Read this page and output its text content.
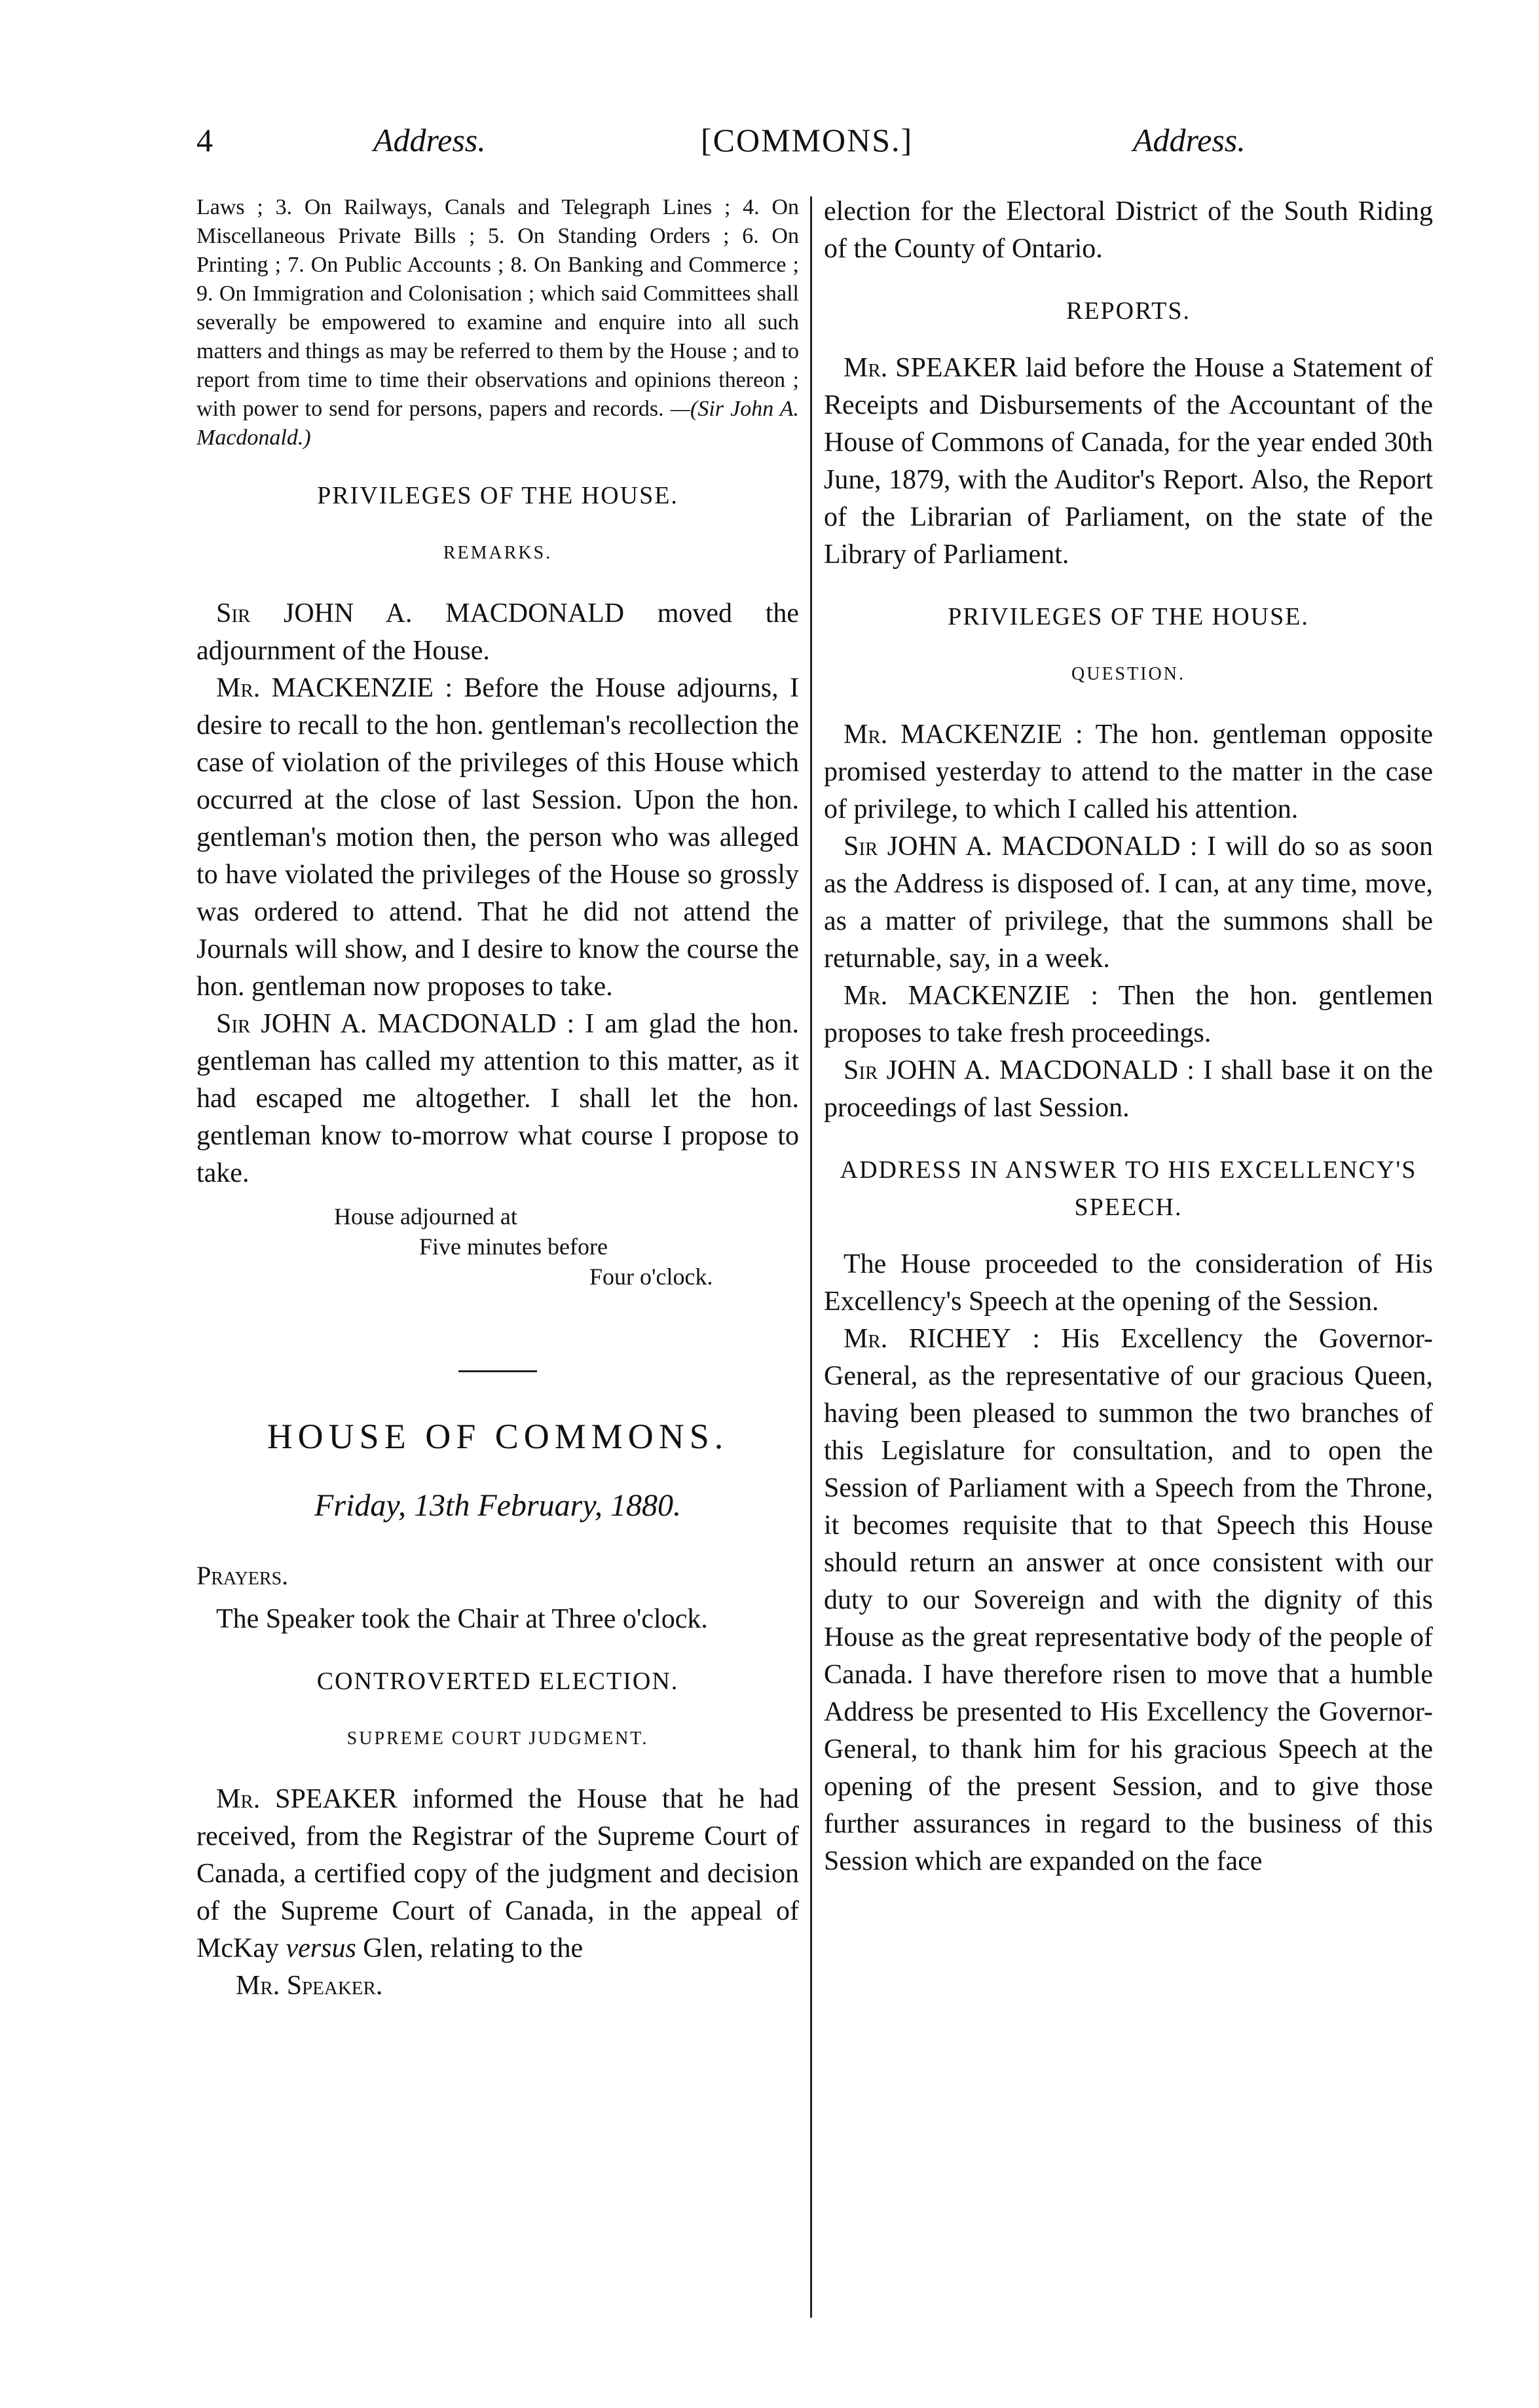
4	Address.	[COMMONS.]	Address.

Laws ; 3. On Railways, Canals and Telegraph Lines ; 4. On Miscellaneous Private Bills ; 5. On Standing Orders ; 6. On Printing ; 7. On Public Accounts ; 8. On Banking and Commerce ; 9. On Immigration and Colonisation ; which said Committees shall severally be empowered to examine and enquire into all such matters and things as may be referred to them by the House ; and to report from time to time their observations and opinions thereon ; with power to send for persons, papers and records. —(Sir John A. Macdonald.)

PRIVILEGES OF THE HOUSE.
REMARKS.

Sir JOHN A. MACDONALD moved the adjournment of the House.

Mr. MACKENZIE : Before the House adjourns, I desire to recall to the hon. gentleman's recollection the case of violation of the privileges of this House which occurred at the close of last Session. Upon the hon. gentleman's motion then, the person who was alleged to have violated the privileges of the House so grossly was ordered to attend. That he did not attend the Journals will show, and I desire to know the course the hon. gentleman now proposes to take.

Sir JOHN A. MACDONALD : I am glad the hon. gentleman has called my attention to this matter, as it had escaped me altogether. I shall let the hon. gentleman know to-morrow what course I propose to take.

House adjourned at
Five minutes before
Four o'clock.
HOUSE OF COMMONS.
Friday, 13th February, 1880.
Prayers.

The Speaker took the Chair at Three o'clock.

CONTROVERTED ELECTION.
SUPREME COURT JUDGMENT.

Mr. SPEAKER informed the House that he had received, from the Registrar of the Supreme Court of Canada, a certified copy of the judgment and decision of the Supreme Court of Canada, in the appeal of McKay versus Glen, relating to the

Mr. Speaker.

election for the Electoral District of the South Riding of the County of Ontario.

REPORTS.

Mr. SPEAKER laid before the House a Statement of Receipts and Disbursements of the Accountant of the House of Commons of Canada, for the year ended 30th June, 1879, with the Auditor's Report. Also, the Report of the Librarian of Parliament, on the state of the Library of Parliament.

PRIVILEGES OF THE HOUSE.
QUESTION.

Mr. MACKENZIE : The hon. gentleman opposite promised yesterday to attend to the matter in the case of privilege, to which I called his attention.

Sir JOHN A. MACDONALD : I will do so as soon as the Address is disposed of. I can, at any time, move, as a matter of privilege, that the summons shall be returnable, say, in a week.

Mr. MACKENZIE : Then the hon. gentlemen proposes to take fresh proceedings.

Sir JOHN A. MACDONALD : I shall base it on the proceedings of last Session.

ADDRESS IN ANSWER TO HIS EXCELLENCY'S SPEECH.

The House proceeded to the consideration of His Excellency's Speech at the opening of the Session.

Mr. RICHEY : His Excellency the Governor-General, as the representative of our gracious Queen, having been pleased to summon the two branches of this Legislature for consultation, and to open the Session of Parliament with a Speech from the Throne, it becomes requisite that to that Speech this House should return an answer at once consistent with our duty to our Sovereign and with the dignity of this House as the great representative body of the people of Canada. I have therefore risen to move that a humble Address be presented to His Excellency the Governor-General, to thank him for his gracious Speech at the opening of the present Session, and to give those further assurances in regard to the business of this Session which are expanded on the face
